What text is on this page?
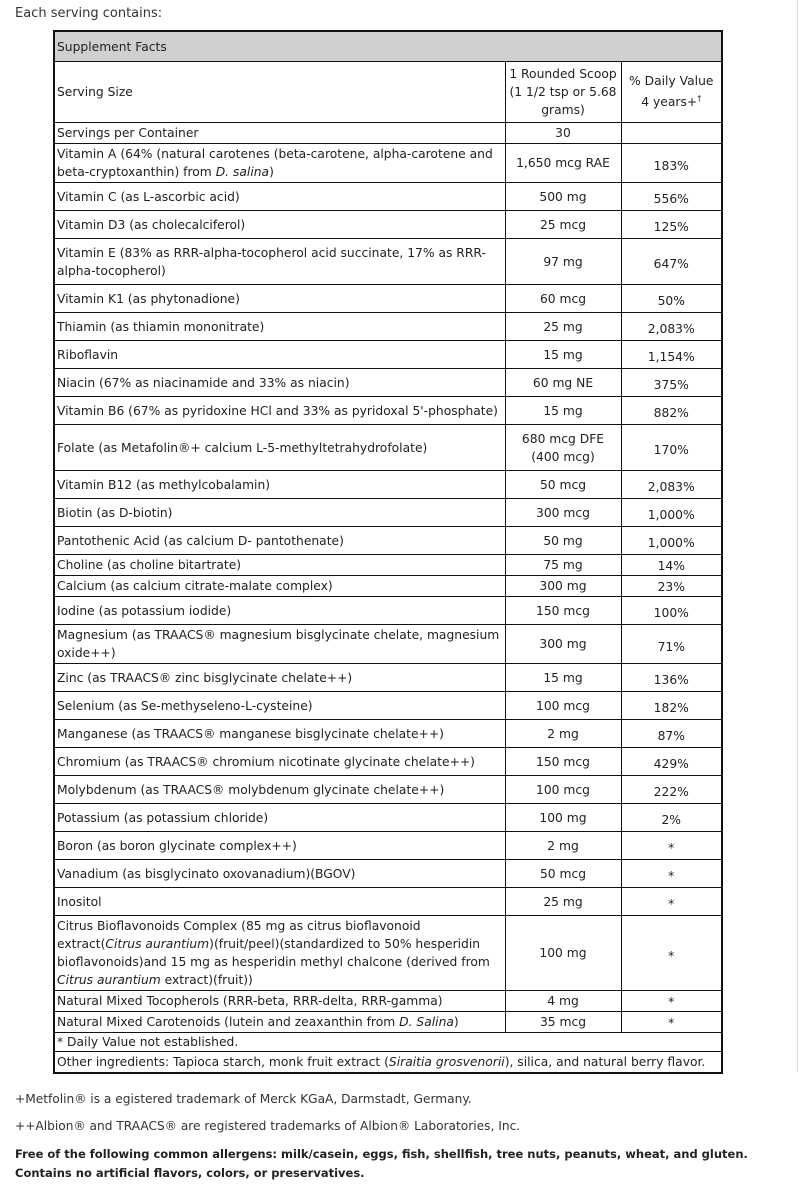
Each serving contains:
Supplement Facts		
Serving Size	1 Rounded Scoop (1 1/2 tsp or 5.68 grams)	% Daily Value 4 years+†
Servings per Container	30	
Vitamin A (64% (natural carotenes (beta-carotene, alpha-carotene and beta-cryptoxanthin) from D. salina)	1,650 mcg RAE	183%
Vitamin C (as L-ascorbic acid)	500 mg	556%
Vitamin D3 (as cholecalciferol)	25 mcg	125%
Vitamin E (83% as RRR-alpha-tocopherol acid succinate, 17% as RRR-alpha-tocopherol)	97 mg	647%
Vitamin K1 (as phytonadione)	60 mcg	50%
Thiamin (as thiamin mononitrate)	25 mg	2,083%
Riboflavin	15 mg	1,154%
Niacin (67% as niacinamide and 33% as niacin)	60 mg NE	375%
Vitamin B6 (67% as pyridoxine HCl and 33% as pyridoxal 5'-phosphate)	15 mg	882%
Folate (as Metafolin®+ calcium L-5-methyltetrahydrofolate)	680 mcg DFE (400 mcg)	170%
Vitamin B12 (as methylcobalamin)	50 mcg	2,083%
Biotin (as D-biotin)	300 mcg	1,000%
Pantothenic Acid (as calcium D- pantothenate)	50 mg	1,000%
Choline (as choline bitartrate)	75 mg	14%
Calcium (as calcium citrate-malate complex)	300 mg	23%
Iodine (as potassium iodide)	150 mcg	100%
Magnesium (as TRAACS® magnesium bisglycinate chelate, magnesium oxide++)	300 mg	71%
Zinc (as TRAACS® zinc bisglycinate chelate++)	15 mg	136%
Selenium (as Se-methyseleno-L-cysteine)	100 mcg	182%
Manganese (as TRAACS® manganese bisglycinate chelate++)	2 mg	87%
Chromium (as TRAACS® chromium nicotinate glycinate chelate++)	150 mcg	429%
Molybdenum (as TRAACS® molybdenum glycinate chelate++)	100 mcg	222%
Potassium (as potassium chloride)	100 mg	2%
Boron (as boron glycinate complex++)	2 mg	*
Vanadium (as bisglycinato oxovanadium)(BGOV)	50 mcg	*
Inositol	25 mg	*
Citrus Bioflavonoids Complex (85 mg as citrus bioflavonoid extract(Citrus aurantium)(fruit/peel)(standardized to 50% hesperidin bioflavonoids)and 15 mg as hesperidin methyl chalcone (derived from Citrus aurantium extract)(fruit))	100 mg	*
Natural Mixed Tocopherols (RRR-beta, RRR-delta, RRR-gamma)	4 mg	*
Natural Mixed Carotenoids (lutein and zeaxanthin from D. Salina)	35 mcg	*
* Daily Value not established.		
Other ingredients: Tapioca starch, monk fruit extract (Siraitia grosvenorii), silica, and natural berry flavor.		
+Metfolin® is a egistered trademark of Merck KGaA, Darmstadt, Germany.
++Albion® and TRAACS® are registered trademarks of Albion® Laboratories, Inc.
Free of the following common allergens: milk/casein, eggs, fish, shellfish, tree nuts, peanuts, wheat, and gluten. Contains no artificial flavors, colors, or preservatives.
